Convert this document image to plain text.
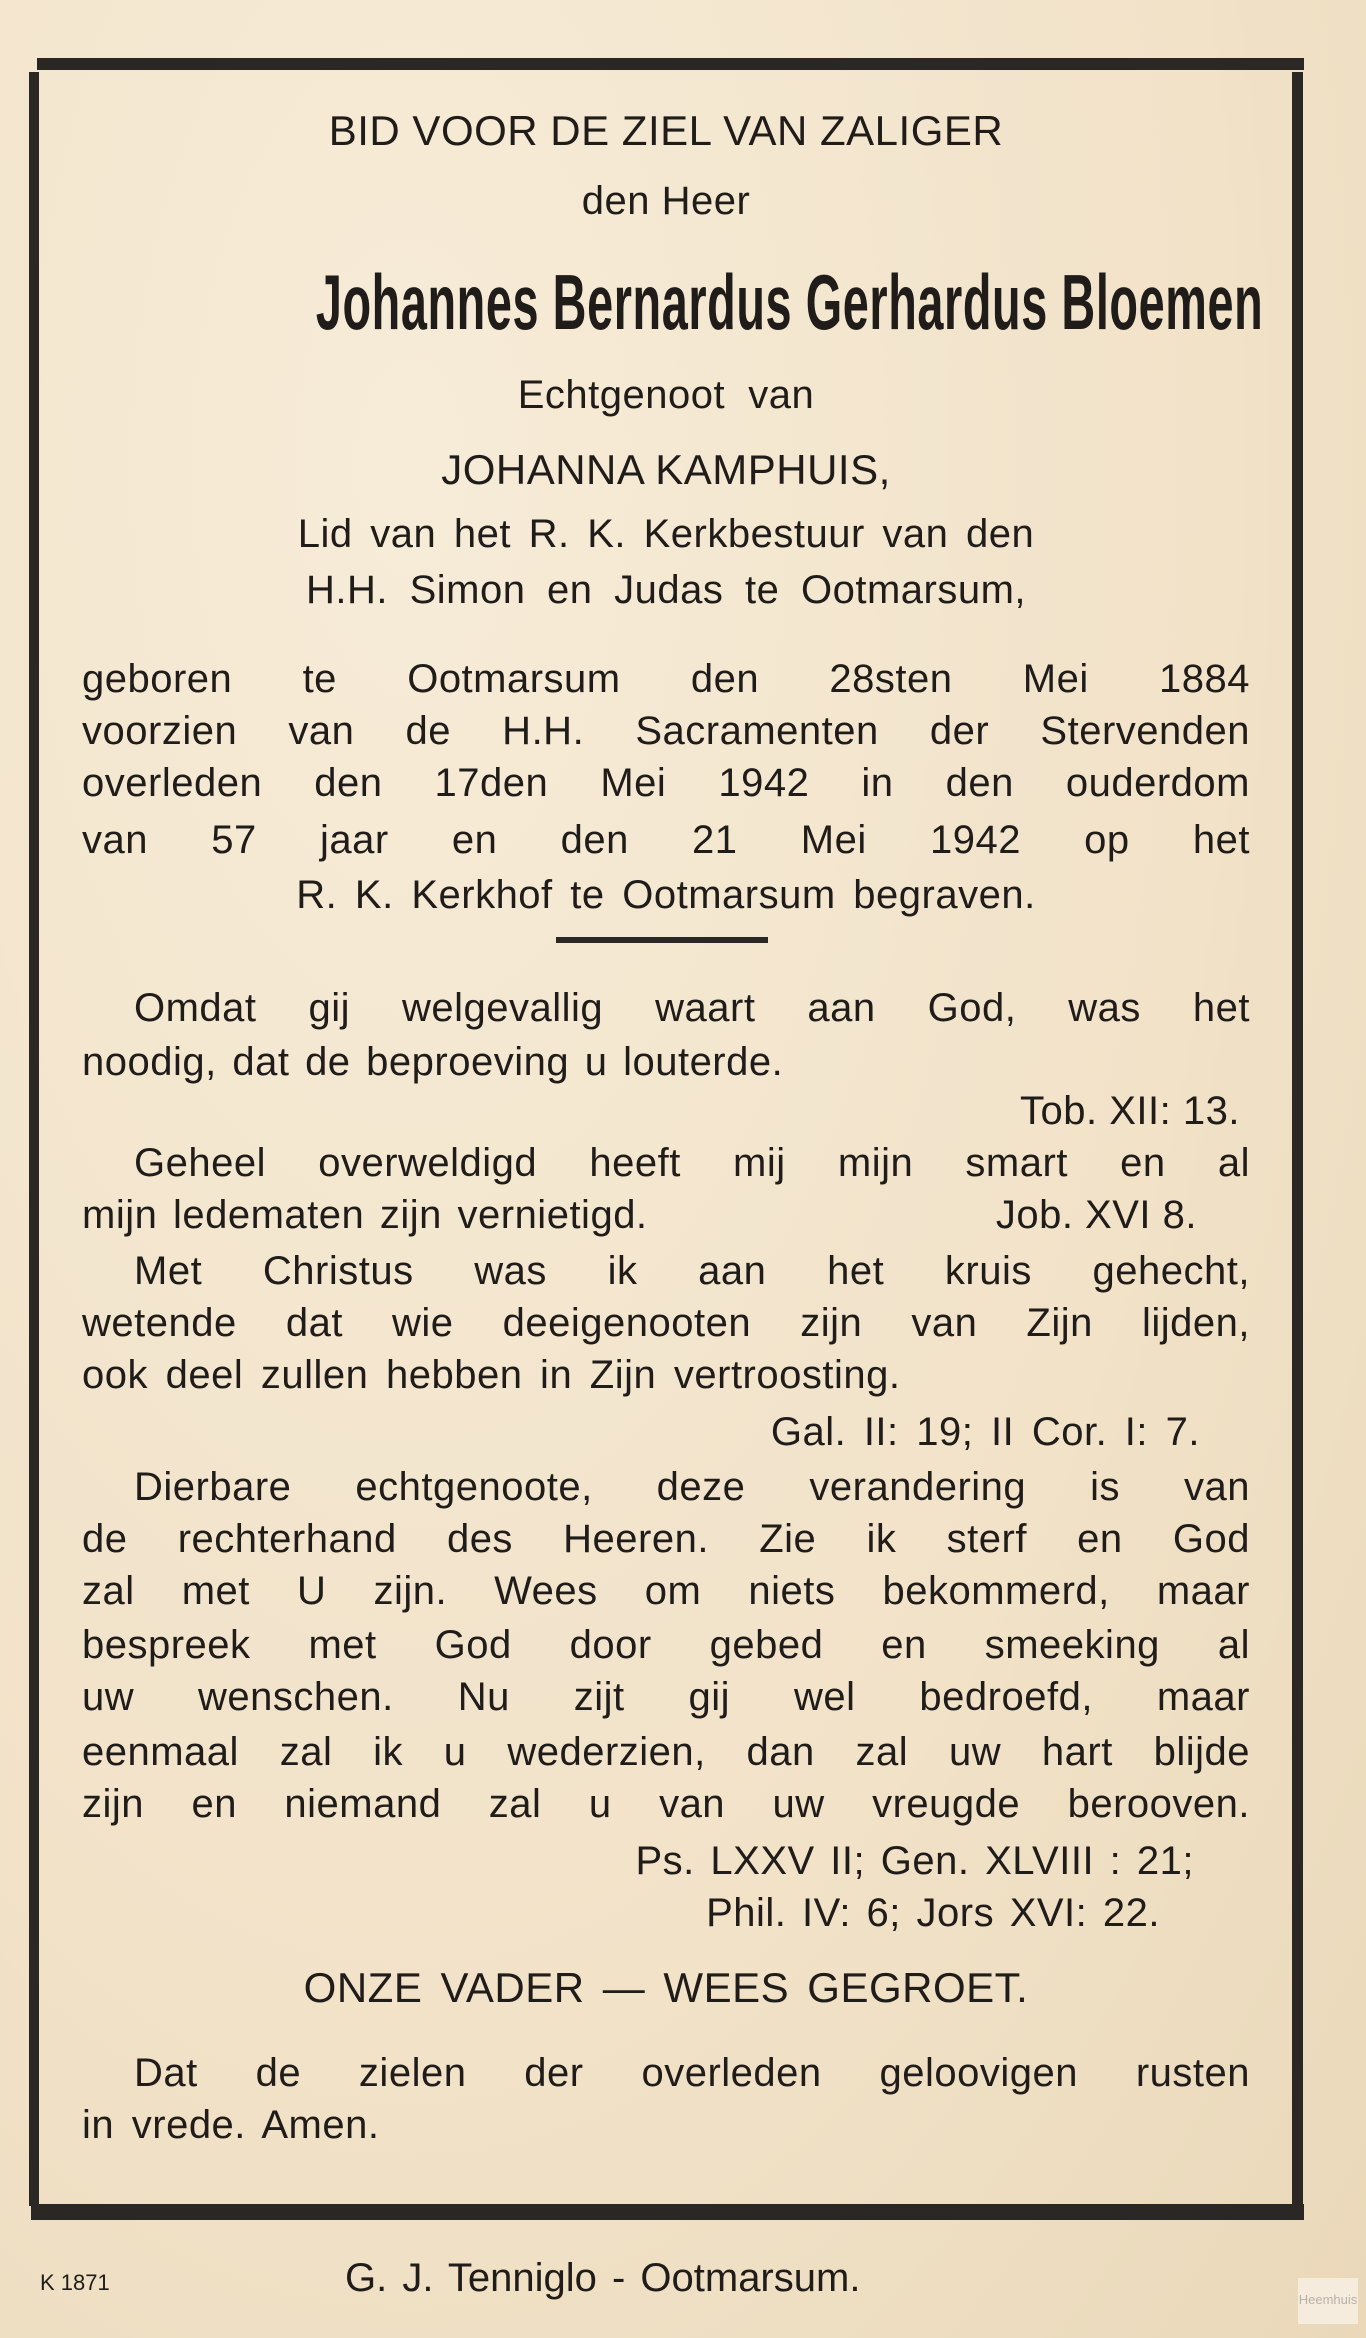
BID VOOR DE ZIEL VAN ZALIGER
den Heer
Johannes Bernardus Gerhardus Bloemen
Echtgenoot  van
JOHANNA KAMPHUIS,
Lid van het R. K. Kerkbestuur van den
H.H. Simon en Judas te Ootmarsum,
geboren te Ootmarsum den 28sten Mei 1884
voorzien van de H.H. Sacramenten der Stervenden
overleden den 17den Mei 1942 in den ouderdom
van 57 jaar en den 21 Mei 1942 op het
R. K. Kerkhof te Ootmarsum begraven.
Omdat gij welgevallig waart aan God, was het
noodig, dat de beproeving u louterde.
Tob. XII: 13.
Geheel overweldigd heeft mij mijn smart en al
mijn ledematen zijn vernietigd.	Job. XVI 8.
Met Christus was ik aan het kruis gehecht,
wetende dat wie deeigenooten zijn van Zijn lijden,
ook deel zullen hebben in Zijn vertroosting.
Gal. II: 19; II Cor. I: 7.
Dierbare echtgenoote, deze verandering is van
de rechterhand des Heeren. Zie ik sterf en God
zal met U zijn. Wees om niets bekommerd, maar
bespreek met God door gebed en smeeking al
uw wenschen. Nu zijt gij wel bedroefd, maar
eenmaal zal ik u wederzien, dan zal uw hart blijde
zijn en niemand zal u van uw vreugde berooven.
Ps. LXXV II; Gen. XLVIII : 21;
Phil. IV: 6; Jors XVI: 22.
ONZE VADER — WEES GEGROET.
Dat de zielen der overleden geloovigen rusten
in vrede. Amen.
K 1871	G. J. Tenniglo - Ootmarsum.	Heemhuis
